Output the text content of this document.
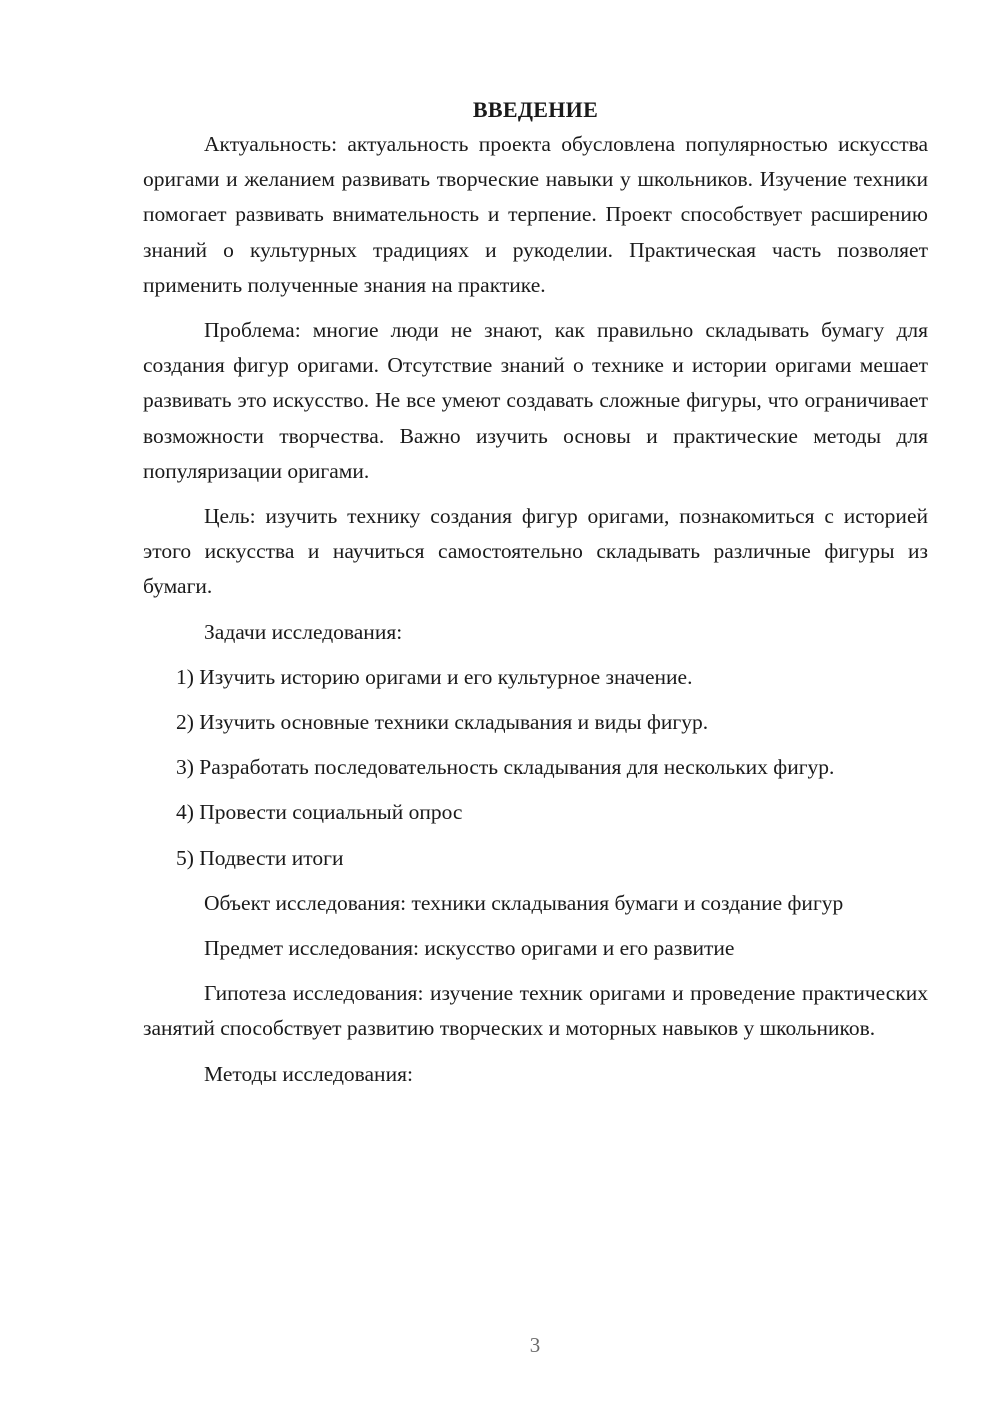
ВВЕДЕНИЕ

Актуальность: актуальность проекта обусловлена популярностью искусства оригами и желанием развивать творческие навыки у школьников. Изучение техники помогает развивать внимательность и терпение. Проект способствует расширению знаний о культурных традициях и рукоделии. Практическая часть позволяет применить полученные знания на практике.

Проблема: многие люди не знают, как правильно складывать бумагу для создания фигур оригами. Отсутствие знаний о технике и истории оригами мешает развивать это искусство. Не все умеют создавать сложные фигуры, что ограничивает возможности творчества. Важно изучить основы и практические методы для популяризации оригами.

Цель: изучить технику создания фигур оригами, познакомиться с историей этого искусства и научиться самостоятельно складывать различные фигуры из бумаги.

Задачи исследования:

1) Изучить историю оригами и его культурное значение.

2) Изучить основные техники складывания и виды фигур.

3) Разработать последовательность складывания для нескольких фигур.

4) Провести социальный опрос

5) Подвести итоги

Объект исследования: техники складывания бумаги и создание фигур

Предмет исследования: искусство оригами и его развитие

Гипотеза исследования: изучение техник оригами и проведение практических занятий способствует развитию творческих и моторных навыков у школьников.

Методы исследования:

3
